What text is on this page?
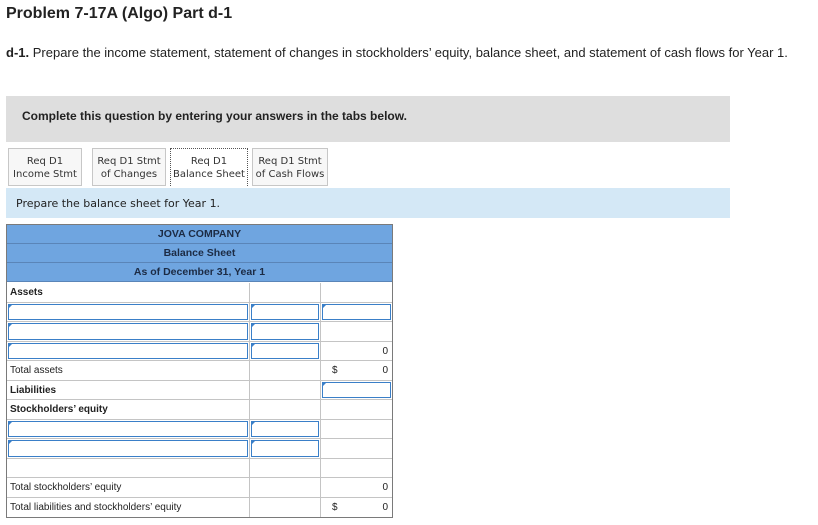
Problem 7-17A (Algo) Part d-1
d-1. Prepare the income statement, statement of changes in stockholders’ equity, balance sheet, and statement of cash flows for Year 1.
Complete this question by entering your answers in the tabs below.
Req D1
Income Stmt
Req D1 Stmt
of Changes
Req D1
Balance Sheet
Req D1 Stmt
of Cash Flows
Prepare the balance sheet for Year 1.
JOVA COMPANY
Balance Sheet
As of December 31, Year 1
Assets
0
Total assets	$	0
Liabilities
Stockholders’ equity
Total stockholders’ equity	0
Total liabilities and stockholders’ equity	$	0
